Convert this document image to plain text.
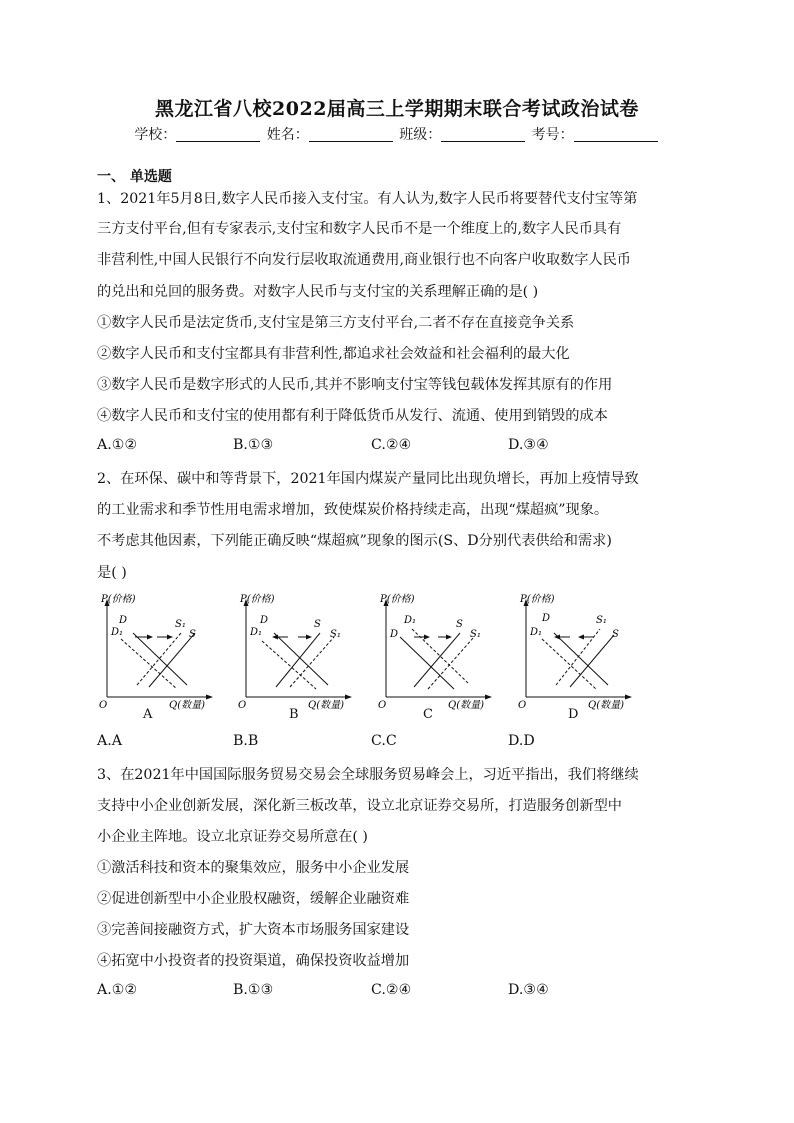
黑龙江省八校2022届高三上学期期末联合考试政治试卷
学校：	姓名：	班级：	考号：
一、 单选题
1、2021年5月8日,数字人民币接入支付宝。有人认为,数字人民币将要替代支付宝等第
三方支付平台,但有专家表示,支付宝和数字人民币不是一个维度上的,数字人民币具有
非营利性,中国人民银行不向发行层收取流通费用,商业银行也不向客户收取数字人民币
的兑出和兑回的服务费。对数字人民币与支付宝的关系理解正确的是( )
①数字人民币是法定货币,支付宝是第三方支付平台,二者不存在直接竞争关系
②数字人民币和支付宝都具有非营利性,都追求社会效益和社会福利的最大化
③数字人民币是数字形式的人民币,其并不影响支付宝等钱包载体发挥其原有的作用
④数字人民币和支付宝的使用都有利于降低货币从发行、流通、使用到销毁的成本
A.①②	B.①③	C.②④	D.③④
2、在环保、碳中和等背景下，2021年国内煤炭产量同比出现负增长，再加上疫情导致
的工业需求和季节性用电需求增加，致使煤炭价格持续走高，出现“煤超疯”现象。
不考虑其他因素，下列能正确反映“煤超疯”现象的图示(S、D分别代表供给和需求)
是( )
P(价格)
O	Q(数量)
D₁
D	S₁
S
A
P(价格)
O	Q(数量)
D₁
D	S
S₁
B
P(价格)
O	Q(数量)
D
D₁	S
S₁
C
P(价格)
O	Q(数量)
D₁
D	S₁
S
D
A.A	B.B	C.C	D.D
3、在2021年中国国际服务贸易交易会全球服务贸易峰会上，习近平指出，我们将继续
支持中小企业创新发展，深化新三板改革，设立北京证券交易所，打造服务创新型中
小企业主阵地。设立北京证券交易所意在( )
①激活科技和资本的聚集效应，服务中小企业发展
②促进创新型中小企业股权融资，缓解企业融资难
③完善间接融资方式，扩大资本市场服务国家建设
④拓宽中小投资者的投资渠道，确保投资收益增加
A.①②	B.①③	C.②④	D.③④
